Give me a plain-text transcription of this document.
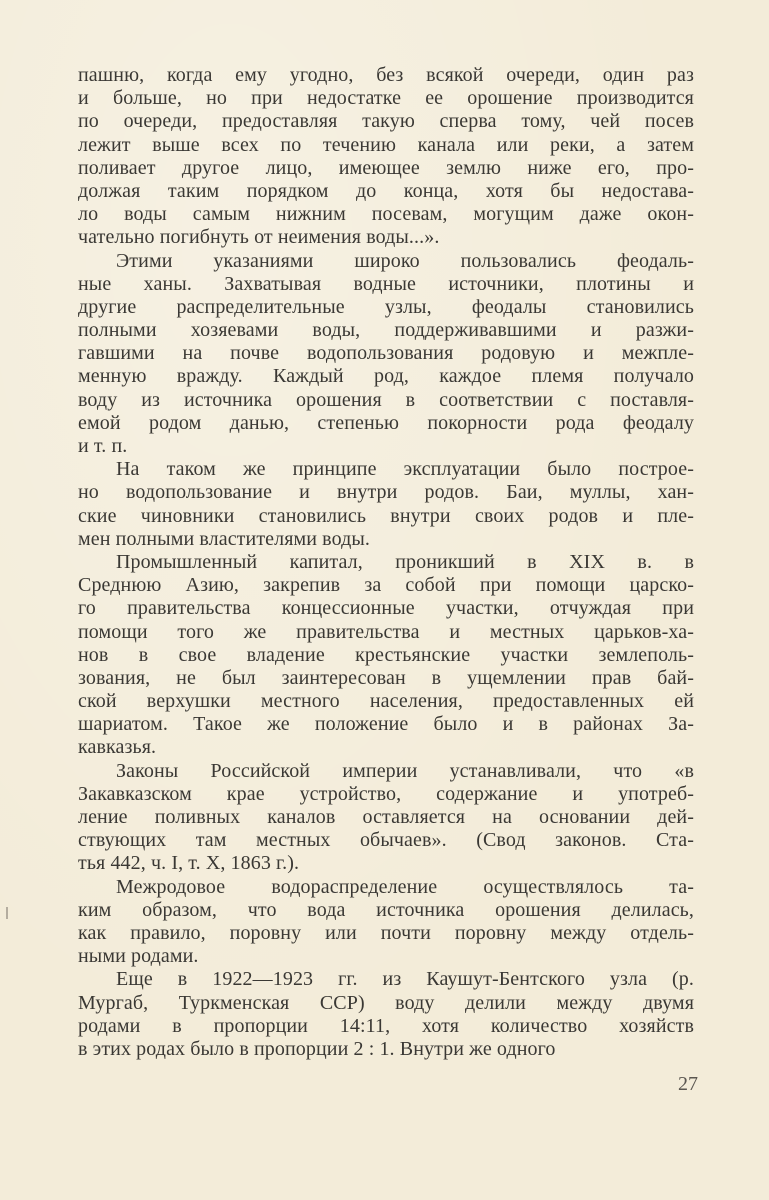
пашню, когда ему угодно, без всякой очереди, один раз
и больше, но при недостатке ее орошение производится
по очереди, предоставляя такую сперва тому, чей посев
лежит выше всех по течению канала или реки, а затем
поливает другое лицо, имеющее землю ниже его, про-
должая таким порядком до конца, хотя бы недостава-
ло воды самым нижним посевам, могущим даже окон-
чательно погибнуть от неимения воды...».
Этими указаниями широко пользовались феодаль-
ные ханы. Захватывая водные источники, плотины и
другие распределительные узлы, феодалы становились
полными хозяевами воды, поддерживавшими и разжи-
гавшими на почве водопользования родовую и межпле-
менную вражду. Каждый род, каждое племя получало
воду из источника орошения в соответствии с поставля-
емой родом данью, степенью покорности рода феодалу
и т. п.
На таком же принципе эксплуатации было построе-
но водопользование и внутри родов. Баи, муллы, хан-
ские чиновники становились внутри своих родов и пле-
мен полными властителями воды.
Промышленный капитал, проникший в XIX в. в
Среднюю Азию, закрепив за собой при помощи царско-
го правительства концессионные участки, отчуждая при
помощи того же правительства и местных царьков-ха-
нов в свое владение крестьянские участки землеполь-
зования, не был заинтересован в ущемлении прав бай-
ской верхушки местного населения, предоставленных ей
шариатом. Такое же положение было и в районах За-
кавказья.
Законы Российской империи устанавливали, что «в
Закавказском крае устройство, содержание и употреб-
ление поливных каналов оставляется на основании дей-
ствующих там местных обычаев». (Свод законов. Ста-
тья 442, ч. I, т. X, 1863 г.).
Межродовое водораспределение осуществлялось та-
ким образом, что вода источника орошения делилась,
как правило, поровну или почти поровну между отдель-
ными родами.
Еще в 1922—1923 гг. из Каушут-Бентского узла (р.
Мургаб, Туркменская ССР) воду делили между двумя
родами в пропорции 14:11, хотя количество хозяйств
в этих родах было в пропорции 2 : 1. Внутри же одного
27
